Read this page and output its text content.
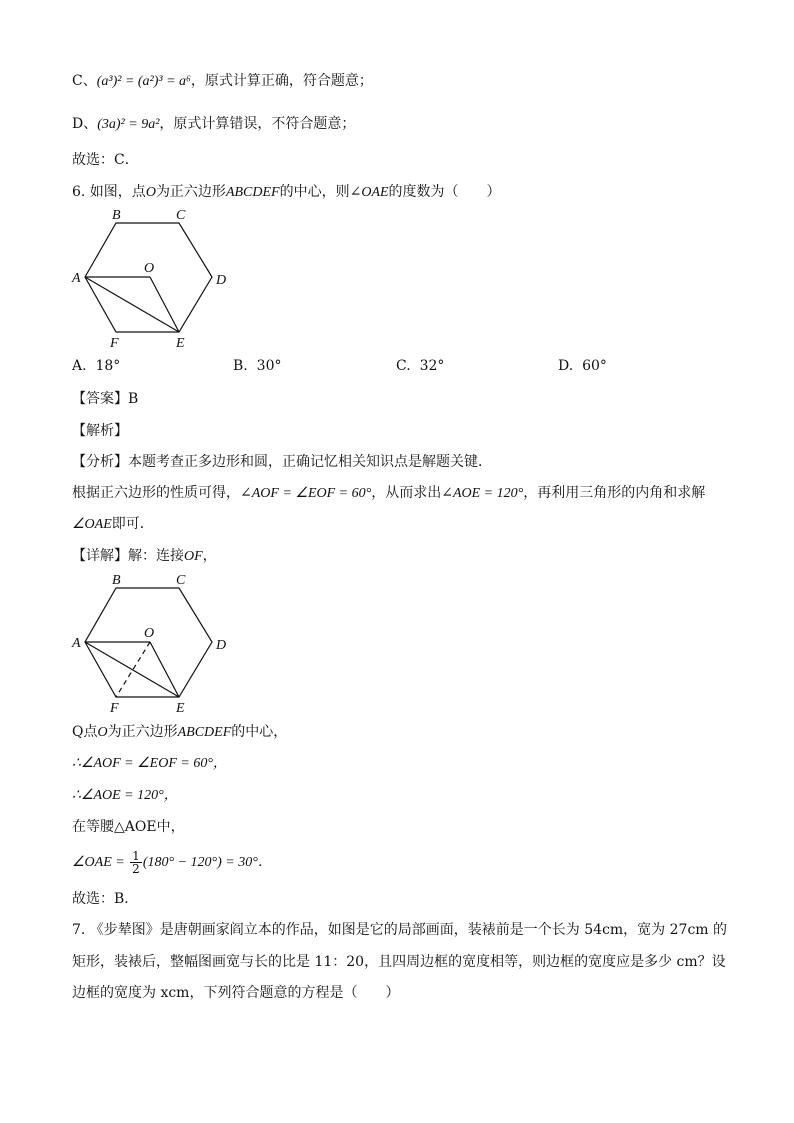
C、(a³)² = (a²)³ = a⁶，原式计算正确，符合题意；
D、(3a)² = 9a²，原式计算错误，不符合题意；
故选：C．
6. 如图，点O为正六边形ABCDEF的中心，则∠OAE的度数为（　　）
B	C
A
O
D
F	E
A. 18°	B. 30°	C. 32°	D. 60°
【答案】B
【解析】
【分析】本题考查正多边形和圆，正确记忆相关知识点是解题关键．
根据正六边形的性质可得，∠AOF = ∠EOF = 60°，从而求出∠AOE = 120°，再利用三角形的内角和求解
∠OAE即可．
【详解】解：连接OF，
B	C
A
O
D
F	E
Q点O为正六边形ABCDEF的中心，
∴∠AOF = ∠EOF = 60°，
∴∠AOE = 120°，
在等腰△AOE中，
∠OAE = $\frac{1}{2} (180^\circ - 120^\circ) = 30^\circ$．
故选：B．
7. 《步辇图》是唐朝画家阎立本的作品，如图是它的局部画面，装裱前是一个长为 54cm，宽为 27cm 的
矩形，装裱后，整幅图画宽与长的比是 11：20，且四周边框的宽度相等，则边框的宽度应是多少 cm？设
边框的宽度为 xcm，下列符合题意的方程是（　　）
